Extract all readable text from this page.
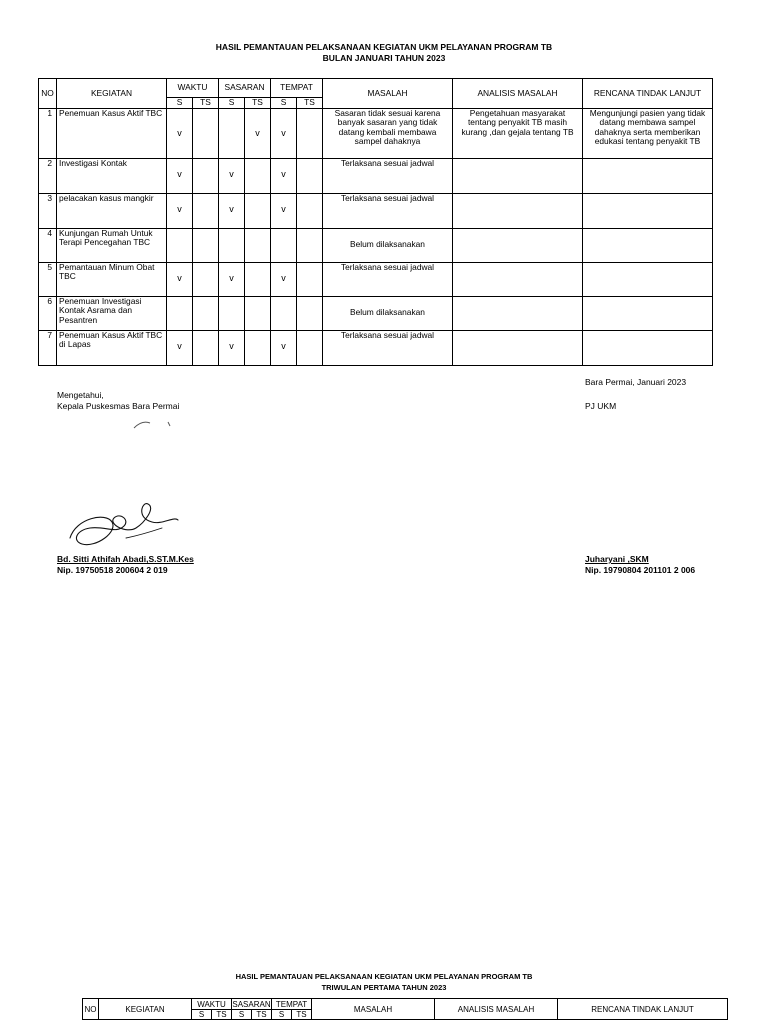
HASIL PEMANTAUAN PELAKSANAAN KEGIATAN UKM PELAYANAN PROGRAM TB
BULAN JANUARI TAHUN 2023
NO	KEGIATAN	WAKTU		SASARAN		TEMPAT		MASALAH	ANALISIS MASALAH	RENCANA TINDAK LANJUT
		S	TS	S	TS	S	TS			
1	Penemuan Kasus Aktif TBC	v			v	v		Sasaran tidak sesuai karena banyak sasaran yang tidak datang kembali membawa sampel dahaknya	Pengetahuan masyarakat tentang penyakit TB masih kurang ,dan gejala tentang TB	Mengunjungi pasien yang tidak datang membawa sampel dahaknya serta memberikan edukasi tentang penyakit TB
2	Investigasi Kontak	v		v		v		Terlaksana sesuai jadwal		
3	pelacakan kasus mangkir	v		v		v		Terlaksana sesuai jadwal		
4	Kunjungan Rumah Untuk Terapi Pencegahan TBC							Belum dilaksanakan		
5	Pemantauan Minum Obat TBC	v		v		v		Terlaksana sesuai jadwal		
6	Penemuan Investigasi Kontak Asrama dan Pesantren							Belum dilaksanakan		
7	Penemuan Kasus Aktif TBC di Lapas	v		v		v		Terlaksana sesuai jadwal		
Bara Permai, Januari 2023
Mengetahui,
Kepala Puskesmas Bara Permai	PJ UKM
Bd. Sitti Athifah Abadi,S.ST.M.Kes
Nip. 19750518 200604 2 019
Juharyani ,SKM
Nip. 19790804 201101 2 006
HASIL PEMANTAUAN PELAKSANAAN KEGIATAN UKM PELAYANAN PROGRAM TB
TRIWULAN PERTAMA TAHUN 2023
NO	KEGIATAN	WAKTU		SASARAN		TEMPAT		MASALAH	ANALISIS MASALAH	RENCANA TINDAK LANJUT
		S	TS	S	TS	S	TS			
